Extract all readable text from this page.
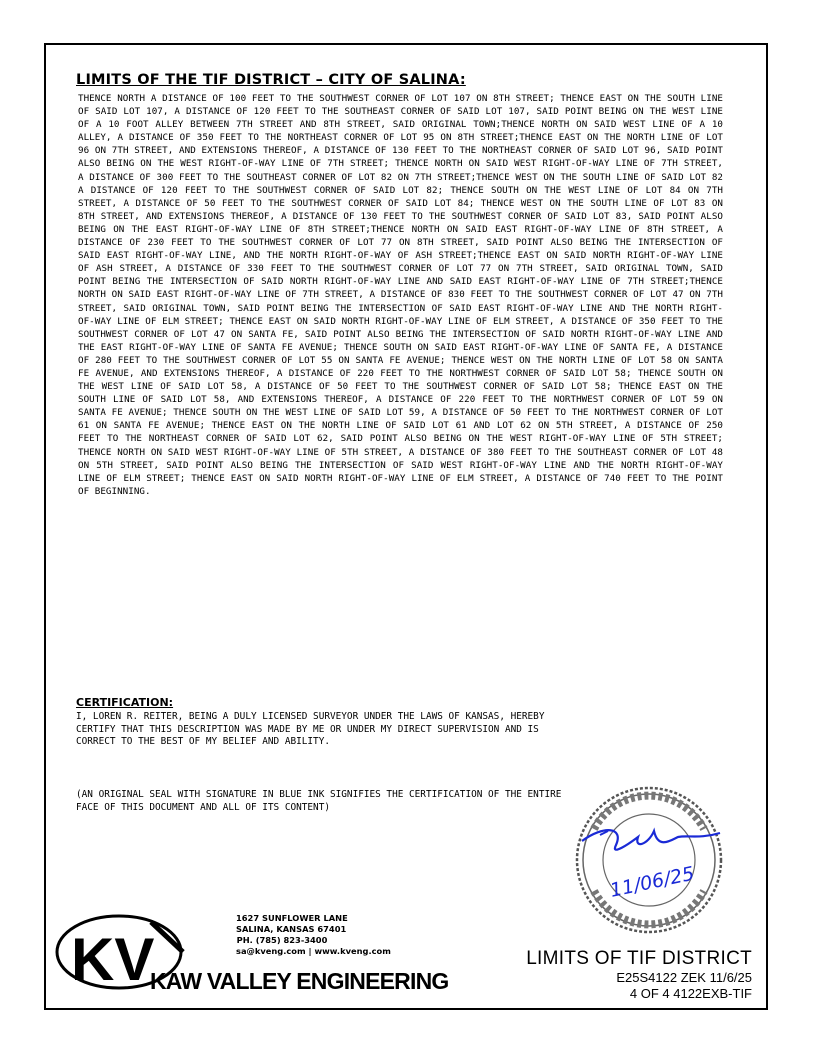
LIMITS OF THE TIF DISTRICT – CITY OF SALINA:

THENCE NORTH A DISTANCE OF 100 FEET TO THE SOUTHWEST CORNER OF LOT 107 ON 8TH STREET; THENCE EAST ON THE SOUTH LINE OF SAID LOT 107, A DISTANCE OF 120 FEET TO THE SOUTHEAST CORNER OF SAID LOT 107, SAID POINT BEING ON THE WEST LINE OF A 10 FOOT ALLEY BETWEEN 7TH STREET AND 8TH STREET, SAID ORIGINAL TOWN;THENCE NORTH ON SAID WEST LINE OF A 10 ALLEY, A DISTANCE OF 350 FEET TO THE NORTHEAST CORNER OF LOT 95 ON 8TH STREET;THENCE EAST ON THE NORTH LINE OF LOT 96 ON 7TH STREET, AND EXTENSIONS THEREOF, A DISTANCE OF 130 FEET TO THE NORTHEAST CORNER OF SAID LOT 96, SAID POINT ALSO BEING ON THE WEST RIGHT-OF-WAY LINE OF 7TH STREET; THENCE NORTH ON SAID WEST RIGHT-OF-WAY LINE OF 7TH STREET, A DISTANCE OF 300 FEET TO THE SOUTHEAST CORNER OF LOT 82 ON 7TH STREET;THENCE WEST ON THE SOUTH LINE OF SAID LOT 82 A DISTANCE OF 120 FEET TO THE SOUTHWEST CORNER OF SAID LOT 82; THENCE SOUTH ON THE WEST LINE OF LOT 84 ON 7TH STREET, A DISTANCE OF 50 FEET TO THE SOUTHWEST CORNER OF SAID LOT 84; THENCE WEST ON THE SOUTH LINE OF LOT 83 ON 8TH STREET, AND EXTENSIONS THEREOF, A DISTANCE OF 130 FEET TO THE SOUTHWEST CORNER OF SAID LOT 83, SAID POINT ALSO BEING ON THE EAST RIGHT-OF-WAY LINE OF 8TH STREET;THENCE NORTH ON SAID EAST RIGHT-OF-WAY LINE OF 8TH STREET, A DISTANCE OF 230 FEET TO THE SOUTHWEST CORNER OF LOT 77 ON 8TH STREET, SAID POINT ALSO BEING THE INTERSECTION OF SAID EAST RIGHT-OF-WAY LINE, AND THE NORTH RIGHT-OF-WAY OF ASH STREET;THENCE EAST ON SAID NORTH RIGHT-OF-WAY LINE OF ASH STREET, A DISTANCE OF 330 FEET TO THE SOUTHWEST CORNER OF LOT 77 ON 7TH STREET, SAID ORIGINAL TOWN, SAID POINT BEING THE INTERSECTION OF SAID NORTH RIGHT-OF-WAY LINE AND SAID EAST RIGHT-OF-WAY LINE OF 7TH STREET;THENCE NORTH ON SAID EAST RIGHT-OF-WAY LINE OF 7TH STREET, A DISTANCE OF 830 FEET TO THE SOUTHWEST CORNER OF LOT 47 ON 7TH STREET, SAID ORIGINAL TOWN, SAID POINT BEING THE INTERSECTION OF SAID EAST RIGHT-OF-WAY LINE AND THE NORTH RIGHT-OF-WAY LINE OF ELM STREET; THENCE EAST ON SAID NORTH RIGHT-OF-WAY LINE OF ELM STREET, A DISTANCE OF 350 FEET TO THE SOUTHWEST CORNER OF LOT 47 ON SANTA FE, SAID POINT ALSO BEING THE INTERSECTION OF SAID NORTH RIGHT-OF-WAY LINE AND THE EAST RIGHT-OF-WAY LINE OF SANTA FE AVENUE; THENCE SOUTH ON SAID EAST RIGHT-OF-WAY LINE OF SANTA FE, A DISTANCE OF 280 FEET TO THE SOUTHWEST CORNER OF LOT 55 ON SANTA FE AVENUE; THENCE WEST ON THE NORTH LINE OF LOT 58 ON SANTA FE AVENUE, AND EXTENSIONS THEREOF, A DISTANCE OF 220 FEET TO THE NORTHWEST CORNER OF SAID LOT 58; THENCE SOUTH ON THE WEST LINE OF SAID LOT 58, A DISTANCE OF 50 FEET TO THE SOUTHWEST CORNER OF SAID LOT 58; THENCE EAST ON THE SOUTH LINE OF SAID LOT 58, AND EXTENSIONS THEREOF, A DISTANCE OF 220 FEET TO THE NORTHWEST CORNER OF LOT 59 ON SANTA FE AVENUE; THENCE SOUTH ON THE WEST LINE OF SAID LOT 59, A DISTANCE OF 50 FEET TO THE NORTHWEST CORNER OF LOT 61 ON SANTA FE AVENUE; THENCE EAST ON THE NORTH LINE OF SAID LOT 61 AND LOT 62 ON 5TH STREET, A DISTANCE OF 250 FEET TO THE NORTHEAST CORNER OF SAID LOT 62, SAID POINT ALSO BEING ON THE WEST RIGHT-OF-WAY LINE OF 5TH STREET; THENCE NORTH ON SAID WEST RIGHT-OF-WAY LINE OF 5TH STREET, A DISTANCE OF 380 FEET TO THE SOUTHEAST CORNER OF LOT 48 ON 5TH STREET, SAID POINT ALSO BEING THE INTERSECTION OF SAID WEST RIGHT-OF-WAY LINE AND THE NORTH RIGHT-OF-WAY LINE OF ELM STREET; THENCE EAST ON SAID NORTH RIGHT-OF-WAY LINE OF ELM STREET, A DISTANCE OF 740 FEET TO THE POINT OF BEGINNING.

CERTIFICATION:

I, LOREN R. REITER, BEING A DULY LICENSED SURVEYOR UNDER THE LAWS OF KANSAS, HEREBY CERTIFY THAT THIS DESCRIPTION WAS MADE BY ME OR UNDER MY DIRECT SUPERVISION AND IS CORRECT TO THE BEST OF MY BELIEF AND ABILITY.

(AN ORIGINAL SEAL WITH SIGNATURE IN BLUE INK SIGNIFIES THE CERTIFICATION OF THE ENTIRE FACE OF THIS DOCUMENT AND ALL OF ITS CONTENT)

KV
1627 SUNFLOWER LANE
SALINA, KANSAS 67401
PH. (785) 823-3400
sa@kveng.com | www.kveng.com

KAW VALLEY ENGINEERING

11/06/25
LIMITS OF TIF DISTRICT
E25S4122 ZEK 11/6/25
4 OF 4 4122EXB-TIF
